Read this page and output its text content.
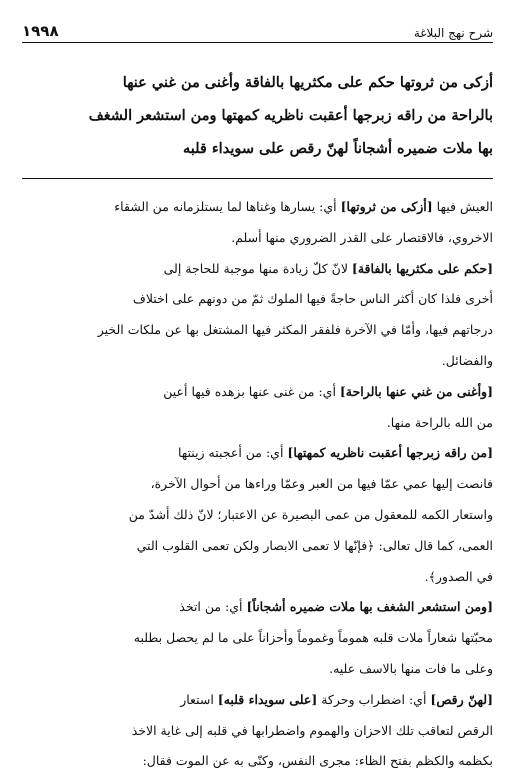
شرح نهج البلاغة
١٩٩٨
أزكى من ثروتها حكم على مكثريها بالفاقة وأغنى من غني عنها
بالراحة من راقه زبرجها أعقبت ناظريه كمهتها ومن استشعر الشغف
بها ملات ضميره أشجاناً لهنّ رقص على سويداء قلبه
العيش فيها [أزكى من ثروتها] أي: يسارها وغناها لما يستلزمانه من الشقاء
الاخروي، فالاقتصار على القدر الضروري منها أسلم.
[حكم على مكثريها بالفاقة] لانّ كلّ زيادة منها موجبة للحاجة إلى
أخرى فلذا كان أكثر الناس حاجةً فيها الملوك ثمّ من دونهم على اختلاف
درجاتهم فيها، وأمّا في الآخرة فلفقر المكثر فيها المشتغل بها عن ملكات الخير
والفضائل.
[وأغنى من غني عنها بالراحة] أي: من غنى عنها بزهده فيها أعين
من الله بالراحة منها.
[من راقه زبرجها أعقبت ناظريه كمهتها] أي: من أعجبته زينتها
فانصت إليها عمي عمّا فيها من العبر وعمّا وراءها من أحوال الآخرة،
واستعار الكمه للمعقول من عمى البصيرة عن الاعتبار؛ لانّ ذلك أشدّ من
العمى، كما قال تعالى: ﴿فإنّها لا تعمى الابصار ولكن تعمى القلوب التي
في الصدور﴾.
[ومن استشعر الشغف بها ملات ضميره أشجاناً] أي: من اتخذ
محبّتها شعاراً ملات قلبه هموماً وغموماً وأحزاناً على ما لم يحصل بطلبه
وعلى ما فات منها بالاسف عليه.
[لهنّ رقص] أي: اضطراب وحركة [على سويداء قلبه] استعار
الرقص لتعاقب تلك الاحزان والهموم واضطرابها في قلبه إلى غاية الاخذ
بكظمه والكظم بفتح الظاء: مجرى النفس، وكنّى به عن الموت فقال:
